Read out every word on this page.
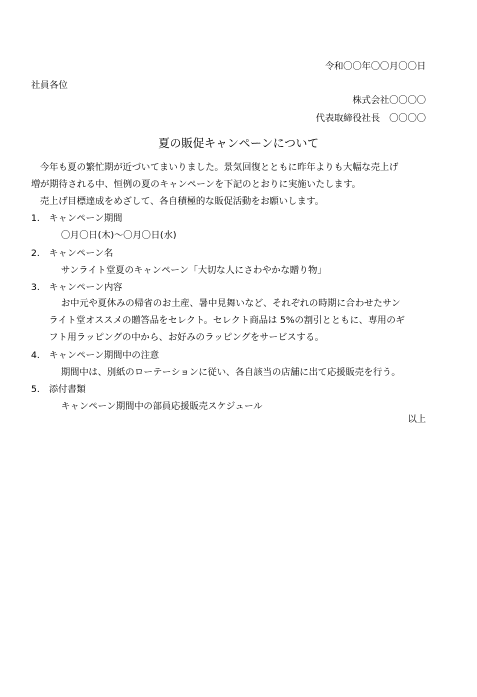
令和〇〇年〇〇月〇〇日
社員各位
株式会社〇〇〇〇
代表取締役社長　〇〇〇〇
夏の販促キャンペーンについて
今年も夏の繁忙期が近づいてまいりました。景気回復とともに昨年よりも大幅な売上げ
増が期待される中、恒例の夏のキャンペーンを下記のとおりに実施いたします。
売上げ目標達成をめざして、各自積極的な販促活動をお願いします。
1. キャンペーン期間
〇月〇日(木)～〇月〇日(水)
2. キャンペーン名
サンライト堂夏のキャンペーン「大切な人にさわやかな贈り物」
3. キャンペーン内容
お中元や夏休みの帰省のお土産、暑中見舞いなど、それぞれの時期に合わせたサン
ライト堂オススメの贈答品をセレクト。セレクト商品は 5%の割引とともに、専用のギ
フト用ラッピングの中から、お好みのラッピングをサービスする。
4. キャンペーン期間中の注意
期間中は、別紙のローテーションに従い、各自該当の店舗に出て応援販売を行う。
5. 添付書類
キャンペーン期間中の部員応援販売スケジュール
以上
